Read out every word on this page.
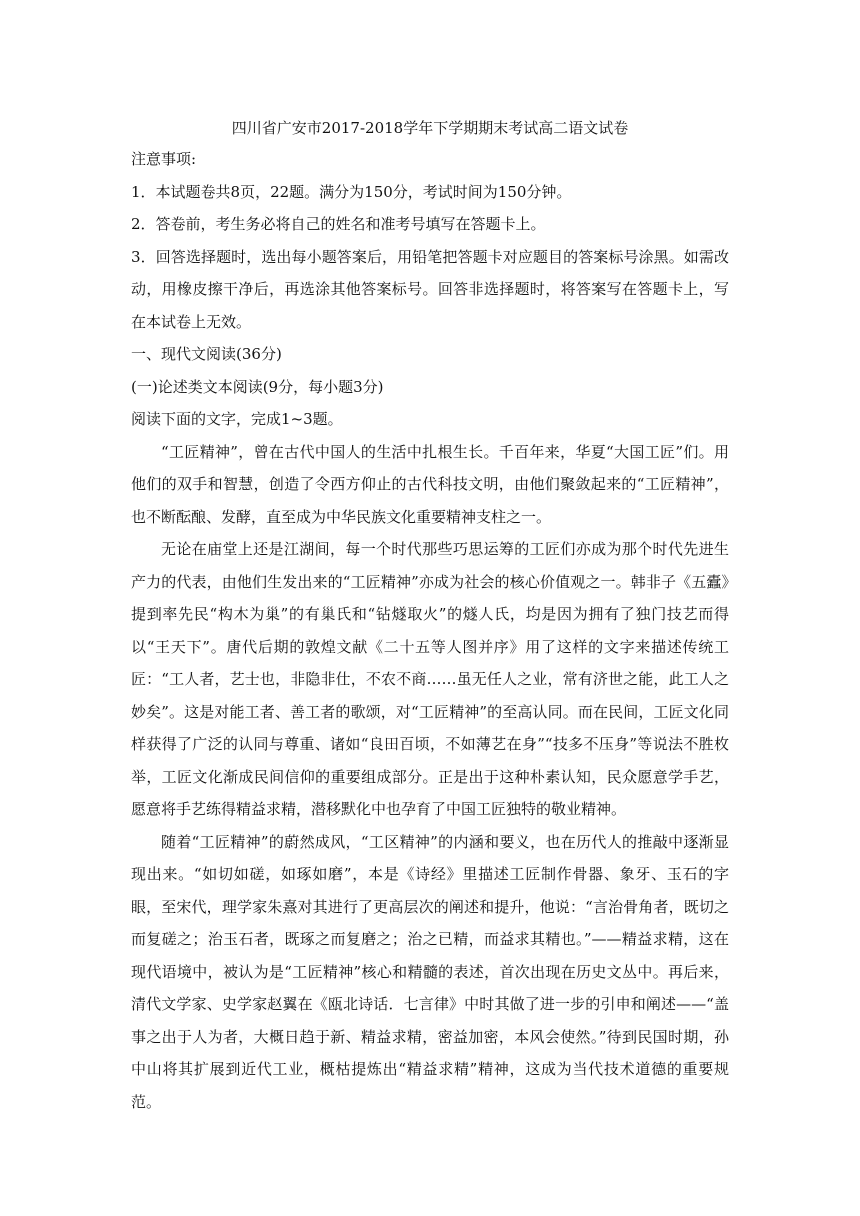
四川省广安市2017-2018学年下学期期末考试高二语文试卷

注意事项:

1．本试题卷共8页，22题。满分为150分，考试时间为150分钟。

2．答卷前，考生务必将自己的姓名和准考号填写在答题卡上。

3．回答选择题时，选出每小题答案后，用铅笔把答题卡对应题目的答案标号涂黑。如需改动，用橡皮擦干净后，再选涂其他答案标号。回答非选择题时，将答案写在答题卡上，写在本试卷上无效。

一、现代文阅读(36分)

(一)论述类文本阅读(9分，每小题3分)

阅读下面的文字，完成1~3题。

“工匠精神”，曾在古代中国人的生活中扎根生长。千百年来，华夏“大国工匠”们。用他们的双手和智慧，创造了令西方仰止的古代科技文明，由他们聚敛起来的“工匠精神”，也不断酝酿、发酵，直至成为中华民族文化重要精神支柱之一。

无论在庙堂上还是江湖间，每一个时代那些巧思运筹的工匠们亦成为那个时代先进生产力的代表，由他们生发出来的“工匠精神”亦成为社会的核心价值观之一。韩非子《五蠹》提到率先民“构木为巢”的有巢氏和“钻燧取火”的燧人氏，均是因为拥有了独门技艺而得以“王天下”。唐代后期的敦煌文献《二十五等人图并序》用了这样的文字来描述传统工匠：“工人者，艺士也，非隐非仕，不农不商……虽无任人之业，常有济世之能，此工人之妙矣”。这是对能工者、善工者的歌颂，对“工匠精神”的至高认同。而在民间，工匠文化同样获得了广泛的认同与尊重、诸如“良田百顷，不如薄艺在身”“技多不压身”等说法不胜枚举，工匠文化渐成民间信仰的重要组成部分。正是出于这种朴素认知，民众愿意学手艺，愿意将手艺练得精益求精，潜移默化中也孕育了中国工匠独特的敬业精神。

随着“工匠精神”的蔚然成风，“工区精神”的内涵和要义，也在历代人的推敲中逐渐显现出来。“如切如磋，如琢如磨”，本是《诗经》里描述工匠制作骨器、象牙、玉石的字眼，至宋代，理学家朱熹对其进行了更高层次的阐述和提升，他说：“言治骨角者，既切之而复磋之；治玉石者，既琢之而复磨之；治之已精，而益求其精也。”——精益求精，这在现代语境中，被认为是“工匠精神”核心和精髓的表述，首次出现在历史文丛中。再后来，清代文学家、史学家赵翼在《瓯北诗话．七言律》中时其做了进一步的引申和阐述——“盖事之出于人为者，大概日趋于新、精益求精，密益加密，本风会使然。”待到民国时期，孙中山将其扩展到近代工业，概枯提炼出“精益求精”精神，这成为当代技术道德的重要规范。
